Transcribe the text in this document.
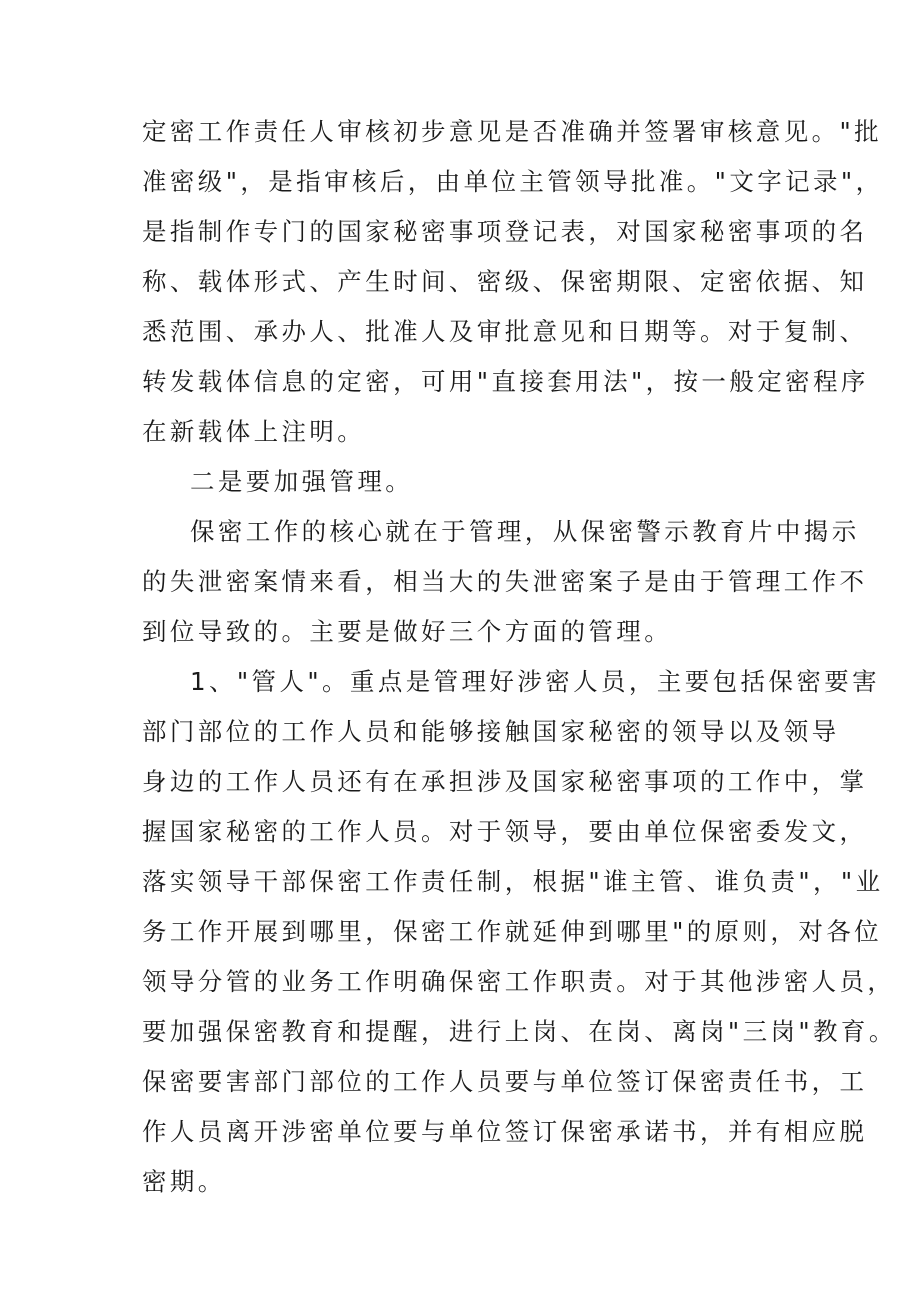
定密工作责任人审核初步意见是否准确并签署审核意见。"批

准密级"，是指审核后，由单位主管领导批准。"文字记录"，

是指制作专门的国家秘密事项登记表，对国家秘密事项的名

称、载体形式、产生时间、密级、保密期限、定密依据、知

悉范围、承办人、批准人及审批意见和日期等。对于复制、

转发载体信息的定密，可用"直接套用法"，按一般定密程序

在新载体上注明。

二是要加强管理。

保密工作的核心就在于管理，从保密警示教育片中揭示

的失泄密案情来看，相当大的失泄密案子是由于管理工作不

到位导致的。主要是做好三个方面的管理。

1、"管人"。重点是管理好涉密人员，主要包括保密要害

部门部位的工作人员和能够接触国家秘密的领导以及领导

身边的工作人员还有在承担涉及国家秘密事项的工作中，掌

握国家秘密的工作人员。对于领导，要由单位保密委发文，

落实领导干部保密工作责任制，根据"谁主管、谁负责"，"业

务工作开展到哪里，保密工作就延伸到哪里"的原则，对各位

领导分管的业务工作明确保密工作职责。对于其他涉密人员，

要加强保密教育和提醒，进行上岗、在岗、离岗"三岗"教育。

保密要害部门部位的工作人员要与单位签订保密责任书，工

作人员离开涉密单位要与单位签订保密承诺书，并有相应脱

密期。
